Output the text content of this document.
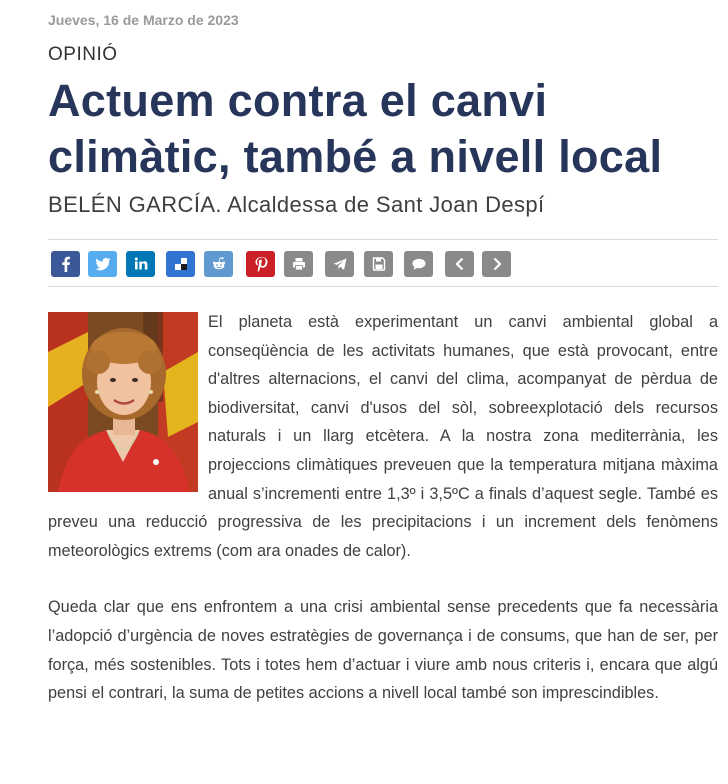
Jueves, 16 de Marzo de 2023
OPINIÓ
Actuem contra el canvi climàtic, també a nivell local
BELÉN GARCÍA. Alcaldessa de Sant Joan Despí

El planeta està experimentant un canvi ambiental global a conseqüència de les activitats humanes, que està provocant, entre d'altres alternacions, el canvi del clima, acompanyat de pèrdua de biodiversitat, canvi d'usos del sòl, sobreexplotació dels recursos naturals i un llarg etcètera. A la nostra zona mediterrània, les projeccions climàtiques preveuen que la temperatura mitjana màxima anual s’incrementi entre 1,3º i 3,5ºC a finals d’aquest segle. També es preveu una reducció progressiva de les precipitacions i un increment dels fenòmens meteorològics extrems (com ara onades de calor).

Queda clar que ens enfrontem a una crisi ambiental sense precedents que fa necessària l’adopció d’urgència de noves estratègies de governança i de consums, que han de ser, per força, més sostenibles. Tots i totes hem d’actuar i viure amb nous criteris i, encara que algú pensi el contrari, la suma de petites accions a nivell local també son imprescindibles.
